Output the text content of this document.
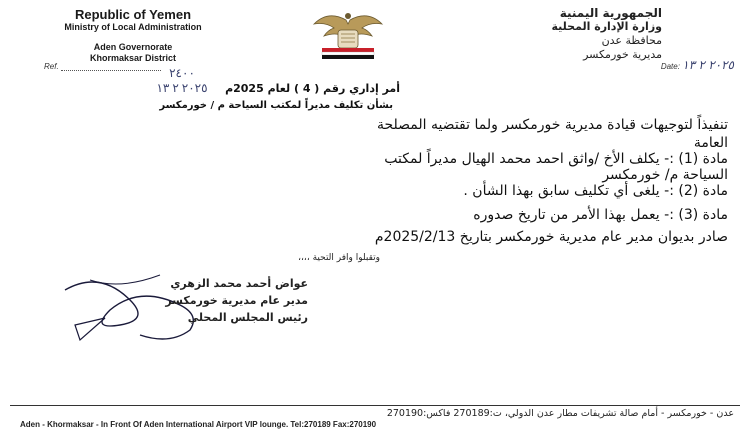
Republic of Yemen
Ministry of Local Administration
Aden Governorate
Khormaksar District
الجمهورية اليمنية
وزارة الإدارة المحلية
محافظة عدن
مديرية خورمكسر
Ref.	٢٤٠٠
٢٠٢٥ ٢ ١٣
Date: ٢٠٢٥ ٢ ١٣
أمر إداري رقم ( 4 ) لعام 2025م
بشأن تكليف مديراً لمكتب السياحة م / خورمكسر
تنفيذاً لتوجيهات قيادة مديرية خورمكسر ولما تقتضيه المصلحة
العامة
مادة (1) :- يكلف الأخ /واثق احمد محمد الهيال مديراً لمكتب
السياحة م/ خورمكسر
مادة (2) :- يلغى أي تكليف سابق بهذا الشأن .
مادة (3) :- يعمل بهذا الأمر من تاريخ صدوره
صادر بديوان مدير عام مديرية خورمكسر بتاريخ 2025/2/13م
وتقبلوا وافر التحية ،،،،
عواض أحمد محمد الزهري
مدير عام مديرية خورمكسر
رئيس المجلس المحلي
عدن - خورمكسر - أمام صالة تشريفات مطار عدن الدولي، ت:270189 فاكس:270190
Aden - Khormaksar - In Front Of Aden International Airport VIP lounge. Tel:270189 Fax:270190
